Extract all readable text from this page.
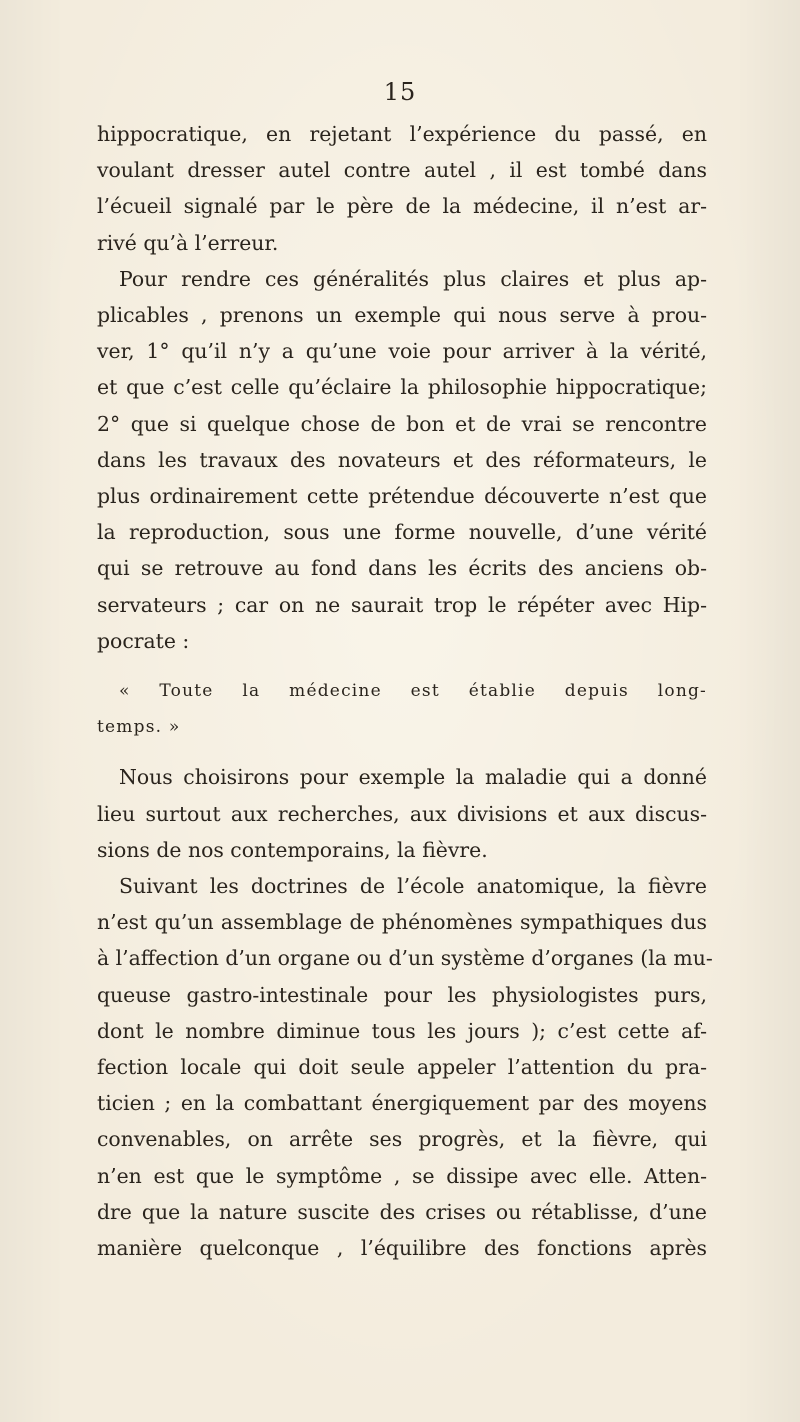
15
hippocratique, en rejetant l’expérience du passé, en
voulant dresser autel contre autel , il est tombé dans
l’écueil signalé par le père de la médecine, il n’est ar-
rivé qu’à l’erreur.
Pour rendre ces généralités plus claires et plus ap-
plicables , prenons un exemple qui nous serve à prou-
ver, 1° qu’il n’y a qu’une voie pour arriver à la vérité,
et que c’est celle qu’éclaire la philosophie hippocratique;
2° que si quelque chose de bon et de vrai se rencontre
dans les travaux des novateurs et des réformateurs, le
plus ordinairement cette prétendue découverte n’est que
la reproduction, sous une forme nouvelle, d’une vérité
qui se retrouve au fond dans les écrits des anciens ob-
servateurs ; car on ne saurait trop le répéter avec Hip-
pocrate :
« Toute la médecine est établie depuis long-
temps. »
Nous choisirons pour exemple la maladie qui a donné
lieu surtout aux recherches, aux divisions et aux discus-
sions de nos contemporains, la fièvre.
Suivant les doctrines de l’école anatomique, la fièvre
n’est qu’un assemblage de phénomènes sympathiques dus
à l’affection d’un organe ou d’un système d’organes (la mu-
queuse gastro-intestinale pour les physiologistes purs,
dont le nombre diminue tous les jours ); c’est cette af-
fection locale qui doit seule appeler l’attention du pra-
ticien ; en la combattant énergiquement par des moyens
convenables, on arrête ses progrès, et la fièvre, qui
n’en est que le symptôme , se dissipe avec elle. Atten-
dre que la nature suscite des crises ou rétablisse, d’une
manière quelconque , l’équilibre des fonctions après
